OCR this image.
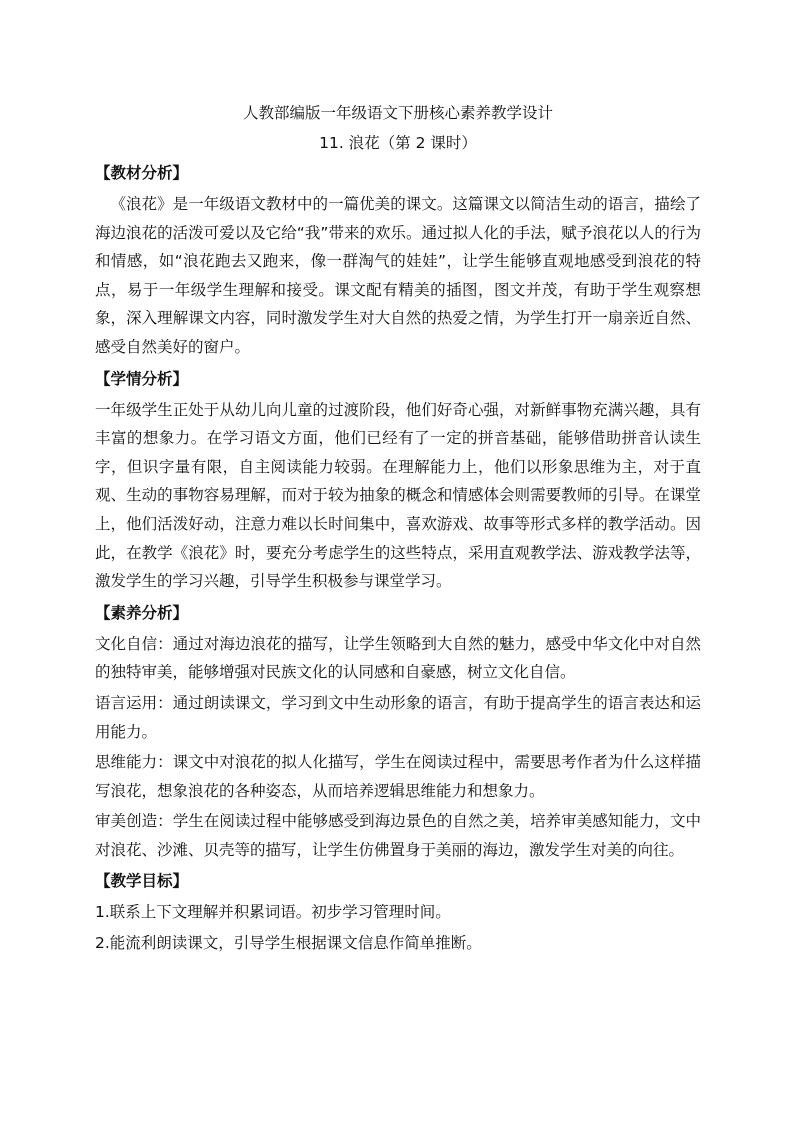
人教部编版一年级语文下册核心素养教学设计
11. 浪花（第 2 课时）
【教材分析】

《浪花》是一年级语文教材中的一篇优美的课文。这篇课文以简洁生动的语言，描绘了海边浪花的活泼可爱以及它给“我”带来的欢乐。通过拟人化的手法，赋予浪花以人的行为和情感，如“浪花跑去又跑来，像一群淘气的娃娃”，让学生能够直观地感受到浪花的特点，易于一年级学生理解和接受。课文配有精美的插图，图文并茂，有助于学生观察想象，深入理解课文内容，同时激发学生对大自然的热爱之情，为学生打开一扇亲近自然、感受自然美好的窗户。

【学情分析】

一年级学生正处于从幼儿向儿童的过渡阶段，他们好奇心强，对新鲜事物充满兴趣，具有丰富的想象力。在学习语文方面，他们已经有了一定的拼音基础，能够借助拼音认读生字，但识字量有限，自主阅读能力较弱。在理解能力上，他们以形象思维为主，对于直观、生动的事物容易理解，而对于较为抽象的概念和情感体会则需要教师的引导。在课堂上，他们活泼好动，注意力难以长时间集中，喜欢游戏、故事等形式多样的教学活动。因此，在教学《浪花》时，要充分考虑学生的这些特点，采用直观教学法、游戏教学法等，激发学生的学习兴趣，引导学生积极参与课堂学习。

【素养分析】

文化自信：通过对海边浪花的描写，让学生领略到大自然的魅力，感受中华文化中对自然的独特审美，能够增强对民族文化的认同感和自豪感，树立文化自信。

语言运用：通过朗读课文，学习到文中生动形象的语言，有助于提高学生的语言表达和运用能力。

思维能力：课文中对浪花的拟人化描写，学生在阅读过程中，需要思考作者为什么这样描写浪花，想象浪花的各种姿态，从而培养逻辑思维能力和想象力。

审美创造：学生在阅读过程中能够感受到海边景色的自然之美，培养审美感知能力，文中对浪花、沙滩、贝壳等的描写，让学生仿佛置身于美丽的海边，激发学生对美的向往。

【教学目标】

1.联系上下文理解并积累词语。初步学习管理时间。

2.能流利朗读课文，引导学生根据课文信息作简单推断。
